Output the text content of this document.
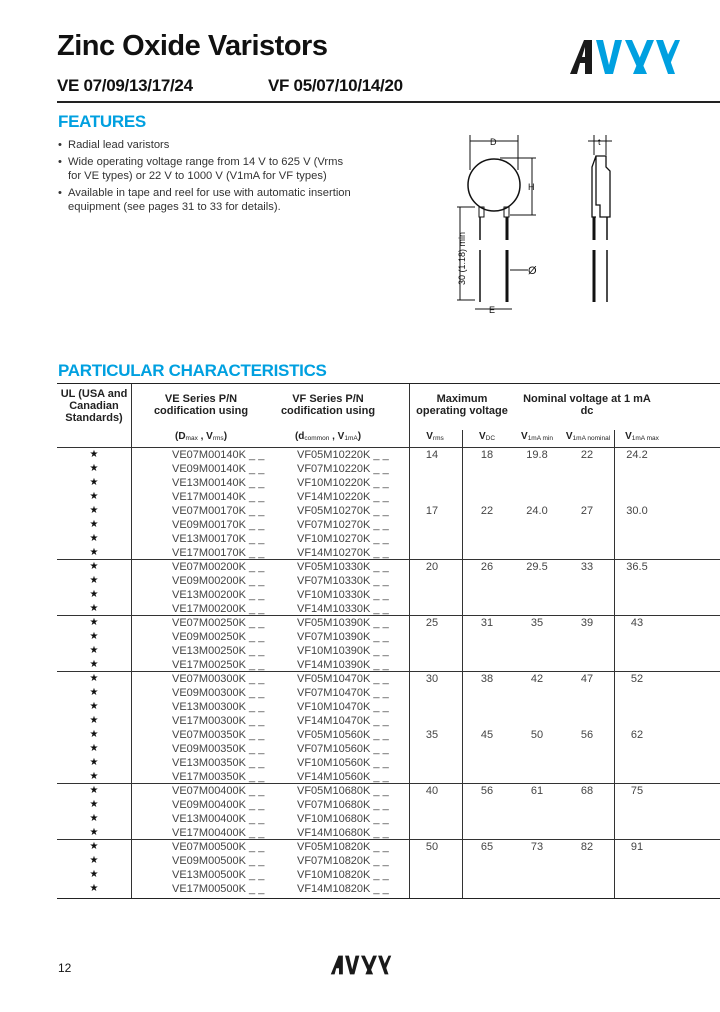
Zinc Oxide Varistors
VE 07/09/13/17/24	VF 05/07/10/14/20
FEATURES
• Radial lead varistors
• Wide operating voltage range from 14 V to 625 V (Vrms for VE types) or 22 V to 1000 V (V1mA for VF types)
• Available in tape and reel for use with automatic insertion equipment (see pages 31 to 33 for details).
D
H
30 (1.18) min	Ø
E
t
PARTICULAR CHARACTERISTICS
UL (USA and Canadian Standards)
VE Series P/N codification using
($D_{max}$ , $V_{rms}$)
VF Series P/N codification using
($d_{common}$ , $V_{1mA}$)
Maximum operating voltage
Nominal voltage at 1 mA dc
$V_{rms}$	$V_{DC}$	$V_{1mA min}$	$V_{1mA nominal}$	$V_{1mA max}$
★	VE07M00140K _ _	VF05M10220K _ _	14	18	19.8	22	24.2
★	VE09M00140K _ _	VF07M10220K _ _
★	VE13M00140K _ _	VF10M10220K _ _
★	VE17M00140K _ _	VF14M10220K _ _
★	VE07M00170K _ _	VF05M10270K _ _	17	22	24.0	27	30.0
★	VE09M00170K _ _	VF07M10270K _ _
★	VE13M00170K _ _	VF10M10270K _ _
★	VE17M00170K _ _	VF14M10270K _ _
★	VE07M00200K _ _	VF05M10330K _ _	20	26	29.5	33	36.5
★	VE09M00200K _ _	VF07M10330K _ _
★	VE13M00200K _ _	VF10M10330K _ _
★	VE17M00200K _ _	VF14M10330K _ _
★	VE07M00250K _ _	VF05M10390K _ _	25	31	35	39	43
★	VE09M00250K _ _	VF07M10390K _ _
★	VE13M00250K _ _	VF10M10390K _ _
★	VE17M00250K _ _	VF14M10390K _ _
★	VE07M00300K _ _	VF05M10470K _ _	30	38	42	47	52
★	VE09M00300K _ _	VF07M10470K _ _
★	VE13M00300K _ _	VF10M10470K _ _
★	VE17M00300K _ _	VF14M10470K _ _
★	VE07M00350K _ _	VF05M10560K _ _	35	45	50	56	62
★	VE09M00350K _ _	VF07M10560K _ _
★	VE13M00350K _ _	VF10M10560K _ _
★	VE17M00350K _ _	VF14M10560K _ _
★	VE07M00400K _ _	VF05M10680K _ _	40	56	61	68	75
★	VE09M00400K _ _	VF07M10680K _ _
★	VE13M00400K _ _	VF10M10680K _ _
★	VE17M00400K _ _	VF14M10680K _ _
★	VE07M00500K _ _	VF05M10820K _ _	50	65	73	82	91
★	VE09M00500K _ _	VF07M10820K _ _
★	VE13M00500K _ _	VF10M10820K _ _
★	VE17M00500K _ _	VF14M10820K _ _
12
